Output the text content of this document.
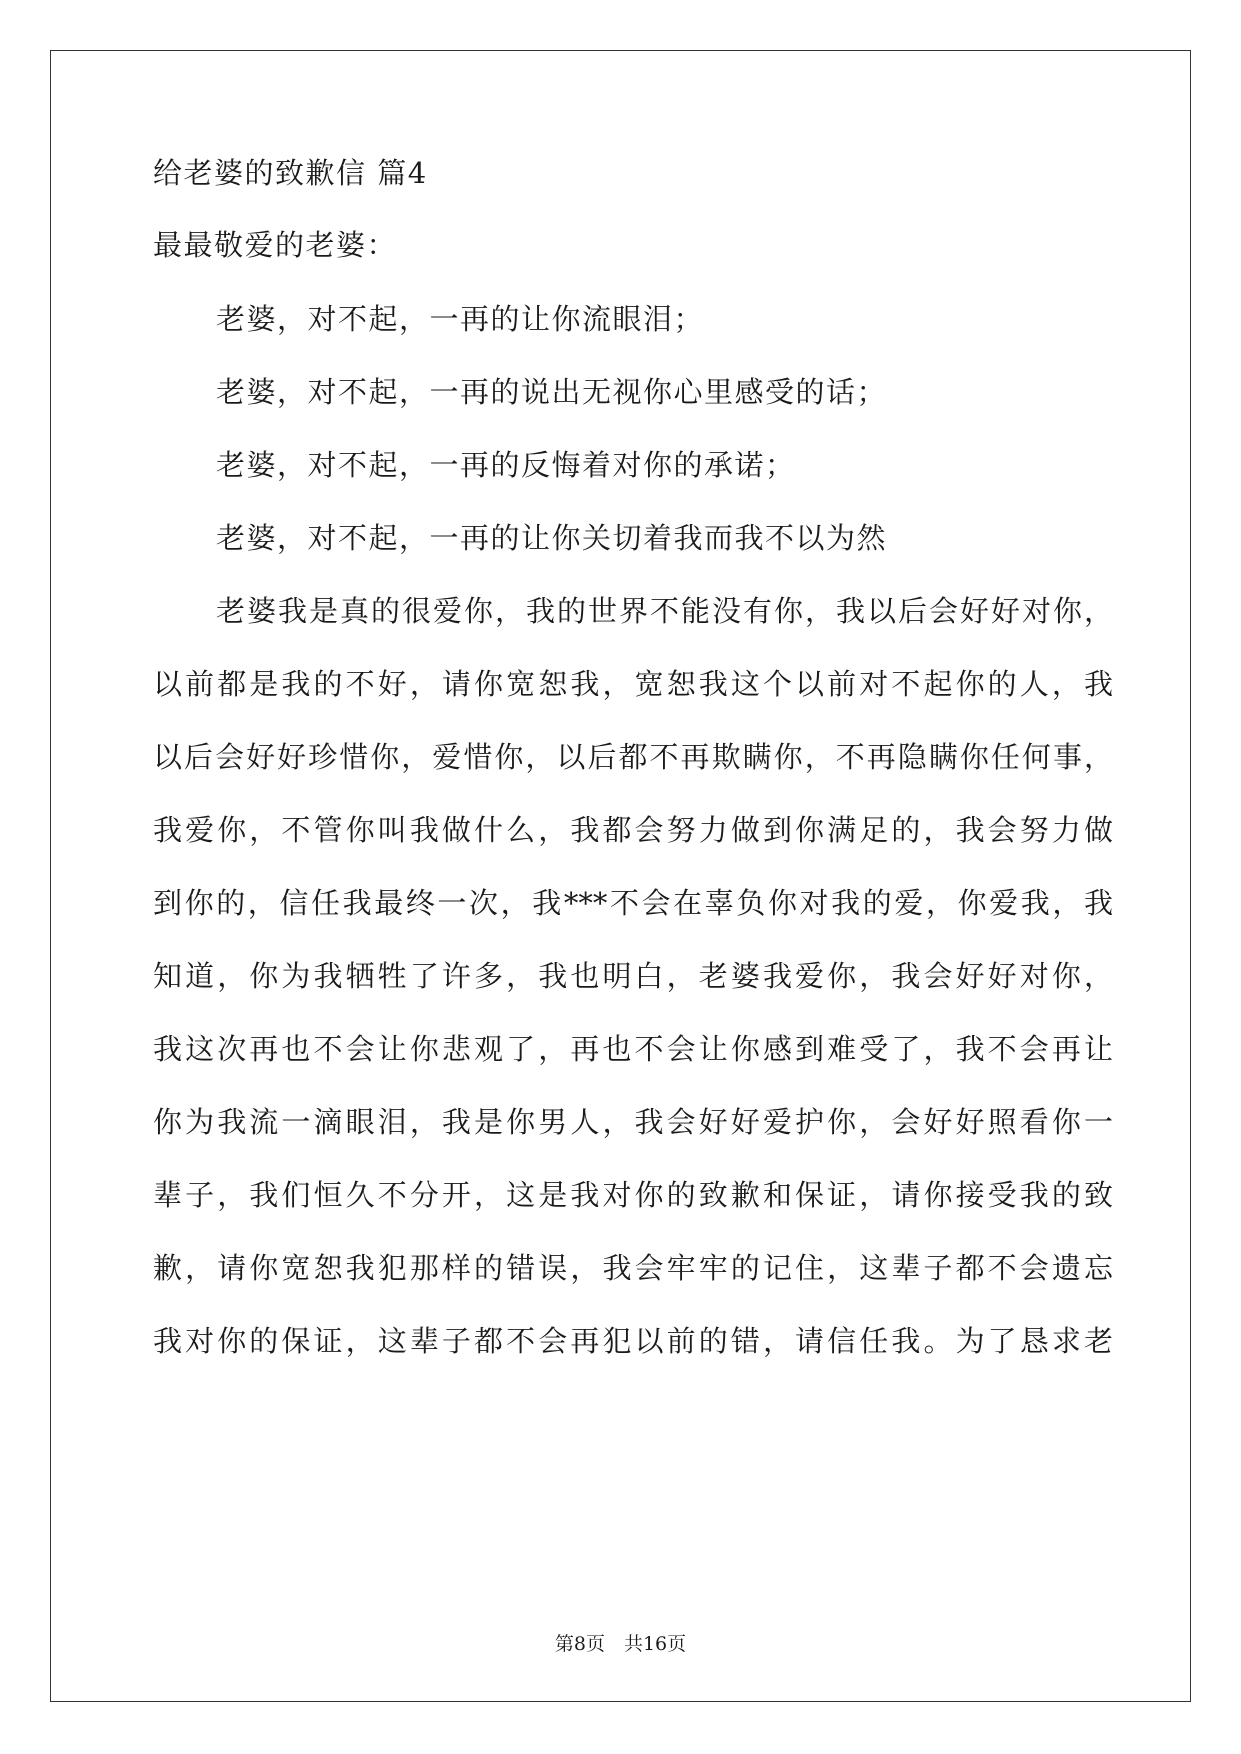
给老婆的致歉信 篇4
最最敬爱的老婆：
老婆，对不起，一再的让你流眼泪；
老婆，对不起，一再的说出无视你心里感受的话；
老婆，对不起，一再的反悔着对你的承诺；
老婆，对不起，一再的让你关切着我而我不以为然
老婆我是真的很爱你，我的世界不能没有你，我以后会好好对你，
以前都是我的不好，请你宽恕我，宽恕我这个以前对不起你的人，我
以后会好好珍惜你，爱惜你，以后都不再欺瞒你，不再隐瞒你任何事，
我爱你，不管你叫我做什么，我都会努力做到你满足的，我会努力做
到你的，信任我最终一次，我***不会在辜负你对我的爱，你爱我，我
知道，你为我牺牲了许多，我也明白，老婆我爱你，我会好好对你，
我这次再也不会让你悲观了，再也不会让你感到难受了，我不会再让
你为我流一滴眼泪，我是你男人，我会好好爱护你，会好好照看你一
辈子，我们恒久不分开，这是我对你的致歉和保证，请你接受我的致
歉，请你宽恕我犯那样的错误，我会牢牢的记住，这辈子都不会遗忘
我对你的保证，这辈子都不会再犯以前的错，请信任我。为了恳求老
第8页　共16页
